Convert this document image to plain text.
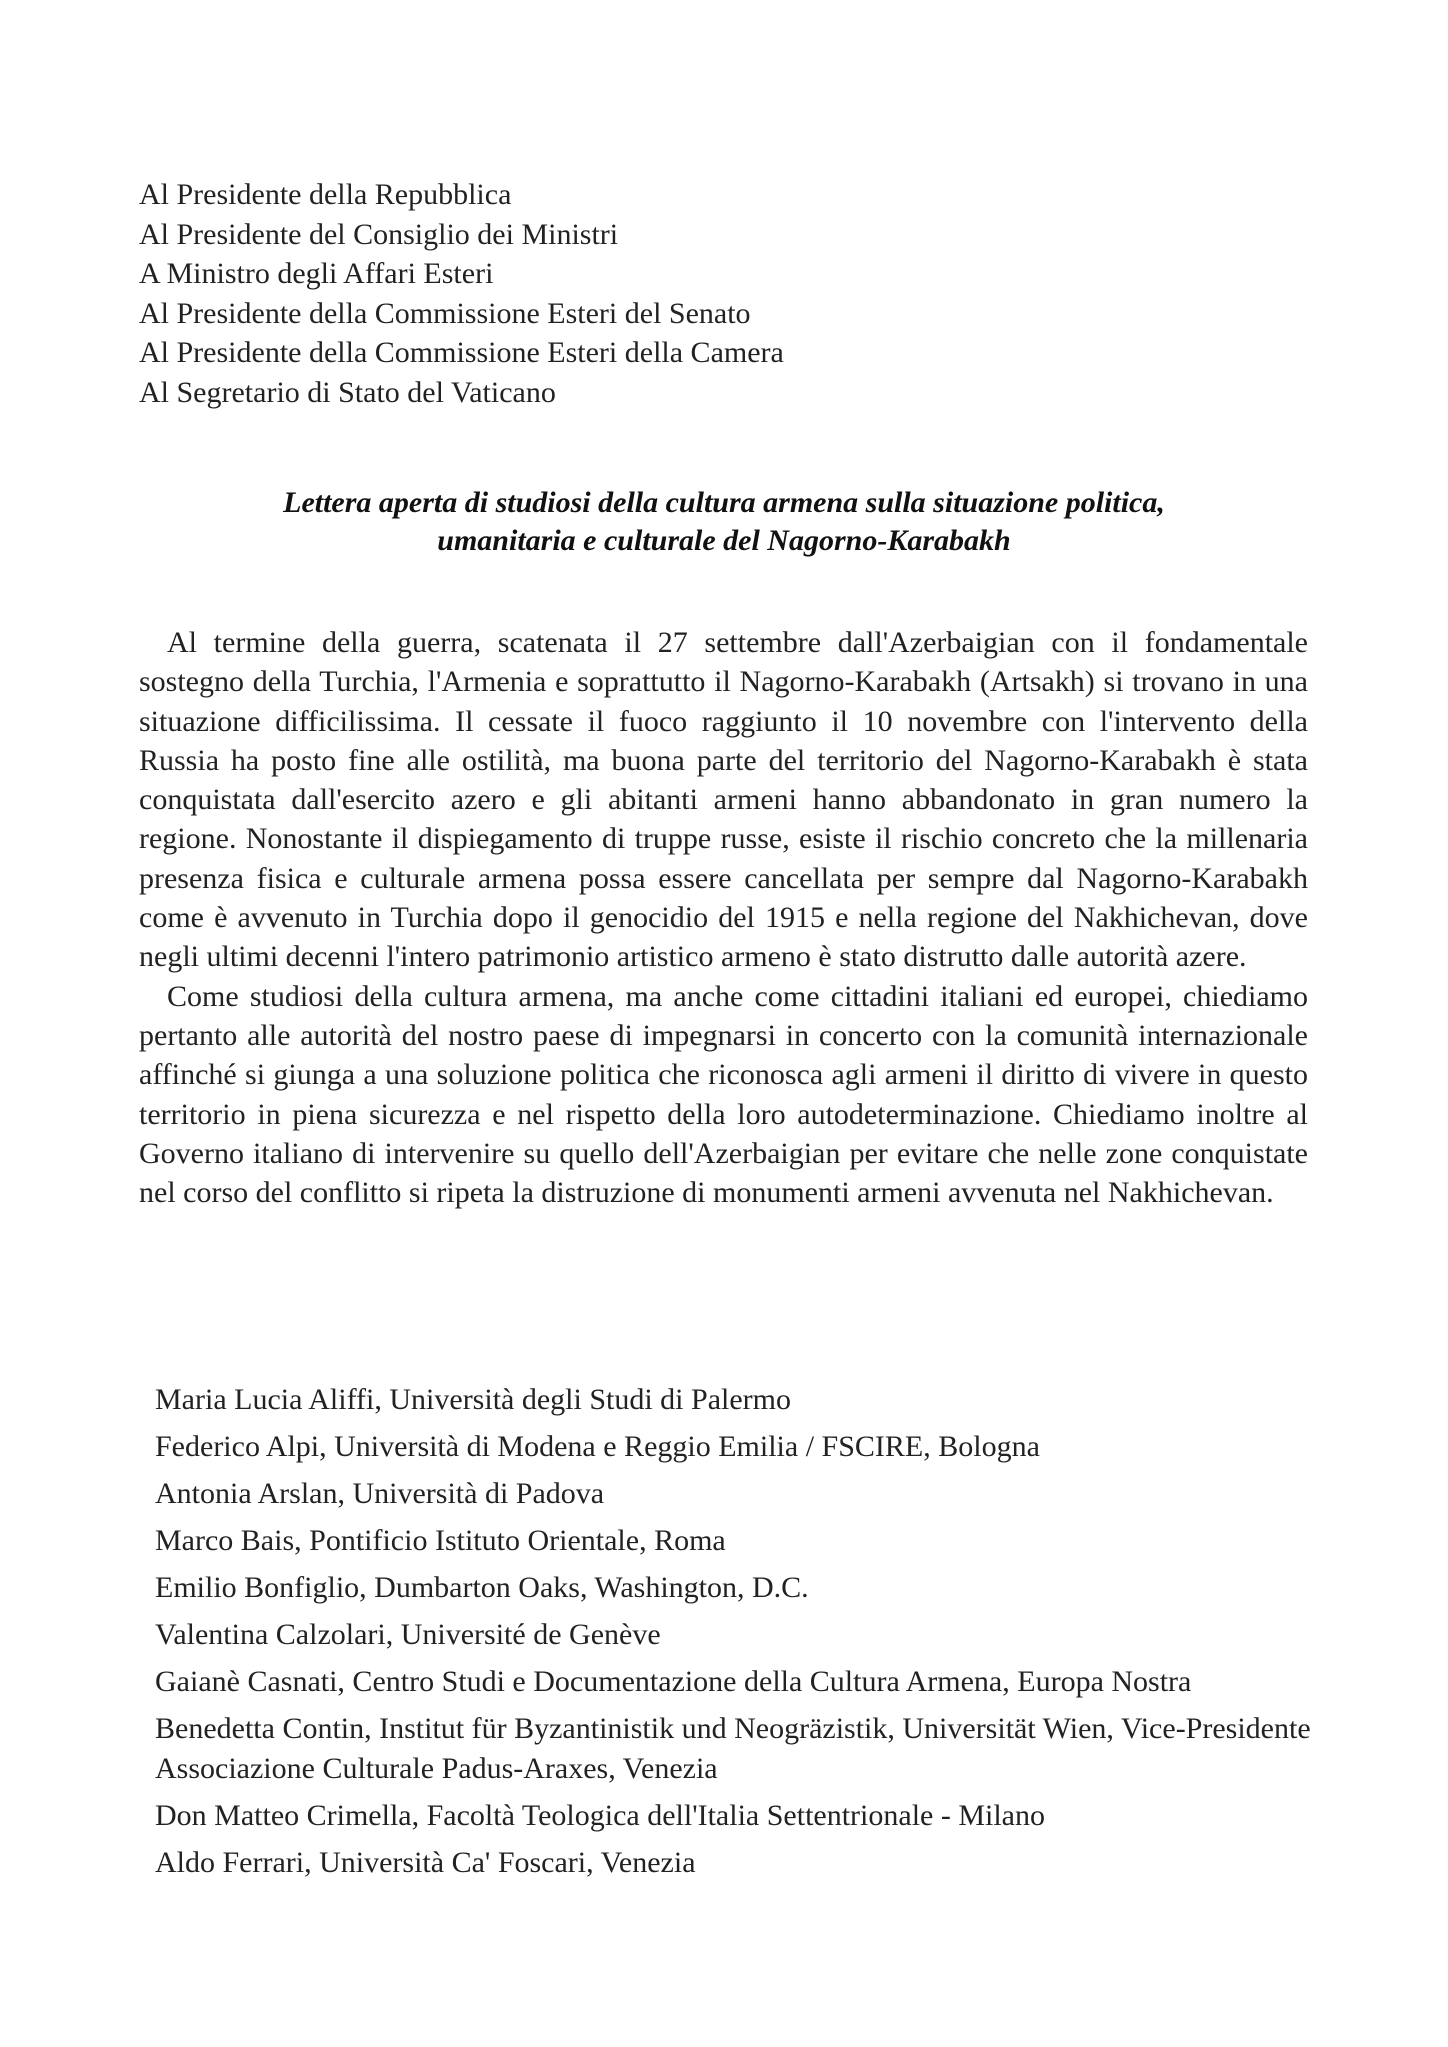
Al Presidente della Repubblica
Al Presidente del Consiglio dei Ministri
A Ministro degli Affari Esteri
Al Presidente della Commissione Esteri del Senato
Al Presidente della Commissione Esteri della Camera
Al Segretario di Stato del Vaticano
Lettera aperta di studiosi della cultura armena sulla situazione politica,
umanitaria e culturale del Nagorno-Karabakh

Al termine della guerra, scatenata il 27 settembre dall'Azerbaigian con il fondamentale sostegno della Turchia, l'Armenia e soprattutto il Nagorno-Karabakh (Artsakh) si trovano in una situazione difficilissima. Il cessate il fuoco raggiunto il 10 novembre con l'intervento della Russia ha posto fine alle ostilità, ma buona parte del territorio del Nagorno-Karabakh è stata conquistata dall'esercito azero e gli abitanti armeni hanno abbandonato in gran numero la regione. Nonostante il dispiegamento di truppe russe, esiste il rischio concreto che la millenaria presenza fisica e culturale armena possa essere cancellata per sempre dal Nagorno-Karabakh come è avvenuto in Turchia dopo il genocidio del 1915 e nella regione del Nakhichevan, dove negli ultimi decenni l'intero patrimonio artistico armeno è stato distrutto dalle autorità azere.

Come studiosi della cultura armena, ma anche come cittadini italiani ed europei, chiediamo pertanto alle autorità del nostro paese di impegnarsi in concerto con la comunità internazionale affinché si giunga a una soluzione politica che riconosca agli armeni il diritto di vivere in questo territorio in piena sicurezza e nel rispetto della loro autodeterminazione. Chiediamo inoltre al Governo italiano di intervenire su quello dell'Azerbaigian per evitare che nelle zone conquistate nel corso del conflitto si ripeta la distruzione di monumenti armeni avvenuta nel Nakhichevan.

Maria Lucia Aliffi, Università degli Studi di Palermo
Federico Alpi, Università di Modena e Reggio Emilia / FSCIRE, Bologna
Antonia Arslan, Università di Padova
Marco Bais, Pontificio Istituto Orientale, Roma
Emilio Bonfiglio, Dumbarton Oaks, Washington, D.C.
Valentina Calzolari, Université de Genève
Gaianè Casnati, Centro Studi e Documentazione della Cultura Armena, Europa Nostra
Benedetta Contin, Institut für Byzantinistik und Neogräzistik, Universität Wien, Vice-Presidente Associazione Culturale Padus-Araxes, Venezia
Don Matteo Crimella, Facoltà Teologica dell'Italia Settentrionale - Milano
Aldo Ferrari, Università Ca' Foscari, Venezia
